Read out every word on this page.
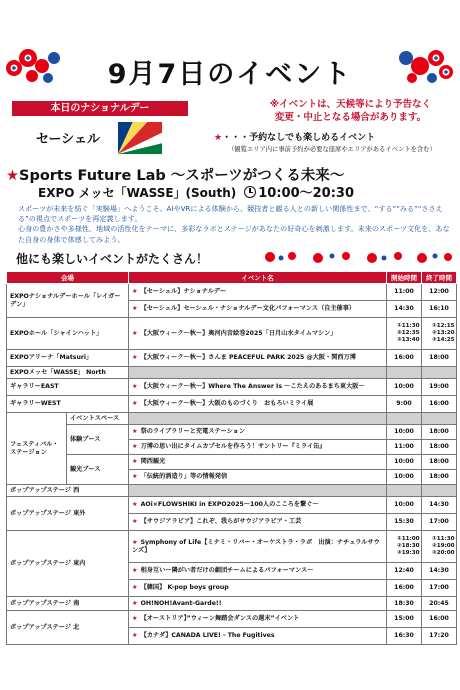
9月7日のイベント
本日のナショナルデー
セーシェル
※イベントは、天候等により予告なく
変更・中止となる場合があります。
★・・・予約なしでも楽しめるイベント
（観覧エリア内に事前予約が必要な座席やエリアがあるイベントを含む）
★Sports Future Lab 〜スポーツがつくる未来〜
EXPO メッセ「WASSE」(South) 10:00〜20:30
スポーツが未来を紡ぐ「実験場」へようこそ。AIやVRによる体験から、競技者と観る人との新しい関係性まで、“する”“みる”“ささえる”の視点でスポーツを再定義します。
心身の豊かさや多様性、地域の活性化をテーマに、多彩なラボとステージがあなたの好奇心を刺激します。未来のスポーツ文化を、あなた自身の身体で体感してみよう。
他にも楽しいイベントがたくさん！
会場		イベント名	開始時間	終了時間
EXPOナショナルデーホール「レイガーデン」		★ 【セーシェル】ナショナルデー	11:00	12:00
		★ 【セーシェル】セーシェル・ナショナルデー文化パフォーマンス（自主催事）	14:30	16:10
EXPOホール「シャインハット」		★ 【大阪ウィーク〜秋〜】奥河内音絵巻2025「日月山水タイムマシン」	①11:30 ②12:35 ③13:40	①12:15 ②13:20 ③14:25

EXPOアリーナ「Matsuri」		★ 【大阪ウィーク〜秋〜】さんま PEACEFUL PARK 2025 @大阪・関西万博	16:00	18:00
EXPOメッセ「WASSE」 North				
ギャラリーEAST		★ 【大阪ウィーク〜秋〜】Where The Answer Is 〜こたえのあるまち東大阪〜	10:00	19:00
ギャラリーWEST		★ 【大阪ウィーク〜秋〜】大阪のものづくり　おもろいミライ展	9:00	16:00
フェスティバル・ステージョン	イベントスペース			
	体験ブース	★ 祭のライブラリーと充電ステーション	10:00	18:00
		★ 万博の思い出にタイムカプセルを作ろう！サントリー『ミライ缶』	11:00	18:00
	観光ブース	★ 関西観光	10:00	18:00
		★ 「伝統的酒造り」等の情報発信	10:00	18:00
ポップアップステージ 西				
ポップアップステージ 東外		★ AOi×FLOWSHIKI in EXPO2025〜100人のこころを繋ぐ〜	10:00	14:30
		★ 【サウジアラビア】これぞ、我らがサウジアラビア・工芸	15:30	17:00
ポップアップステージ 東内		★ Symphony of Life【ミナミ・リバー・オーケストラ・ラボ　出演：ナチュラルサウンズ】	①11:00 ②18:30 ③19:30	①11:30 ②19:00 ③20:00

		★ 相身互い〜隣がい者だけの劇団チームによるパフォーマンス〜	12:40	14:30
		★ 【韓国】 K-pop boys group	16:00	17:00
ポップアップステージ 南		★ OH!NOH!Avant-Garde!!	18:30	20:45
ポップアップステージ 北		★ 【オーストリア】”ウィーン舞踏会ダンスの週末”イベント	15:00	16:00
		★ 【カナダ】CANADA LIVE! - The Fugitives	16:30	17:20
